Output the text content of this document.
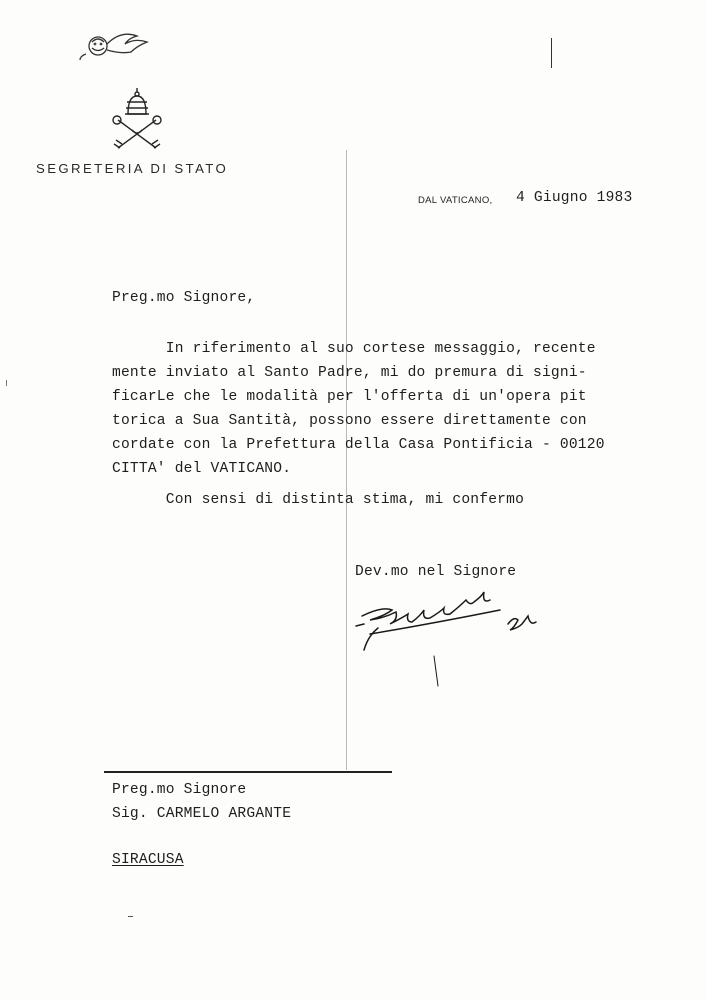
SEGRETERIA DI STATO
DAL VATICANO, 4 Giugno 1983
Preg.mo Signore,
In riferimento al suo cortese messaggio, recente
mente inviato al Santo Padre, mi do premura di signi-
ficarLe che le modalità per l'offerta di un'opera pit
torica a Sua Santità, possono essere direttamente con
cordate con la Prefettura della Casa Pontificia - 00120
CITTA' del VATICANO.
Con sensi di distinta stima, mi confermo
Dev.mo nel Signore
Preg.mo Signore
Sig. CARMELO ARGANTE
SIRACUSA
